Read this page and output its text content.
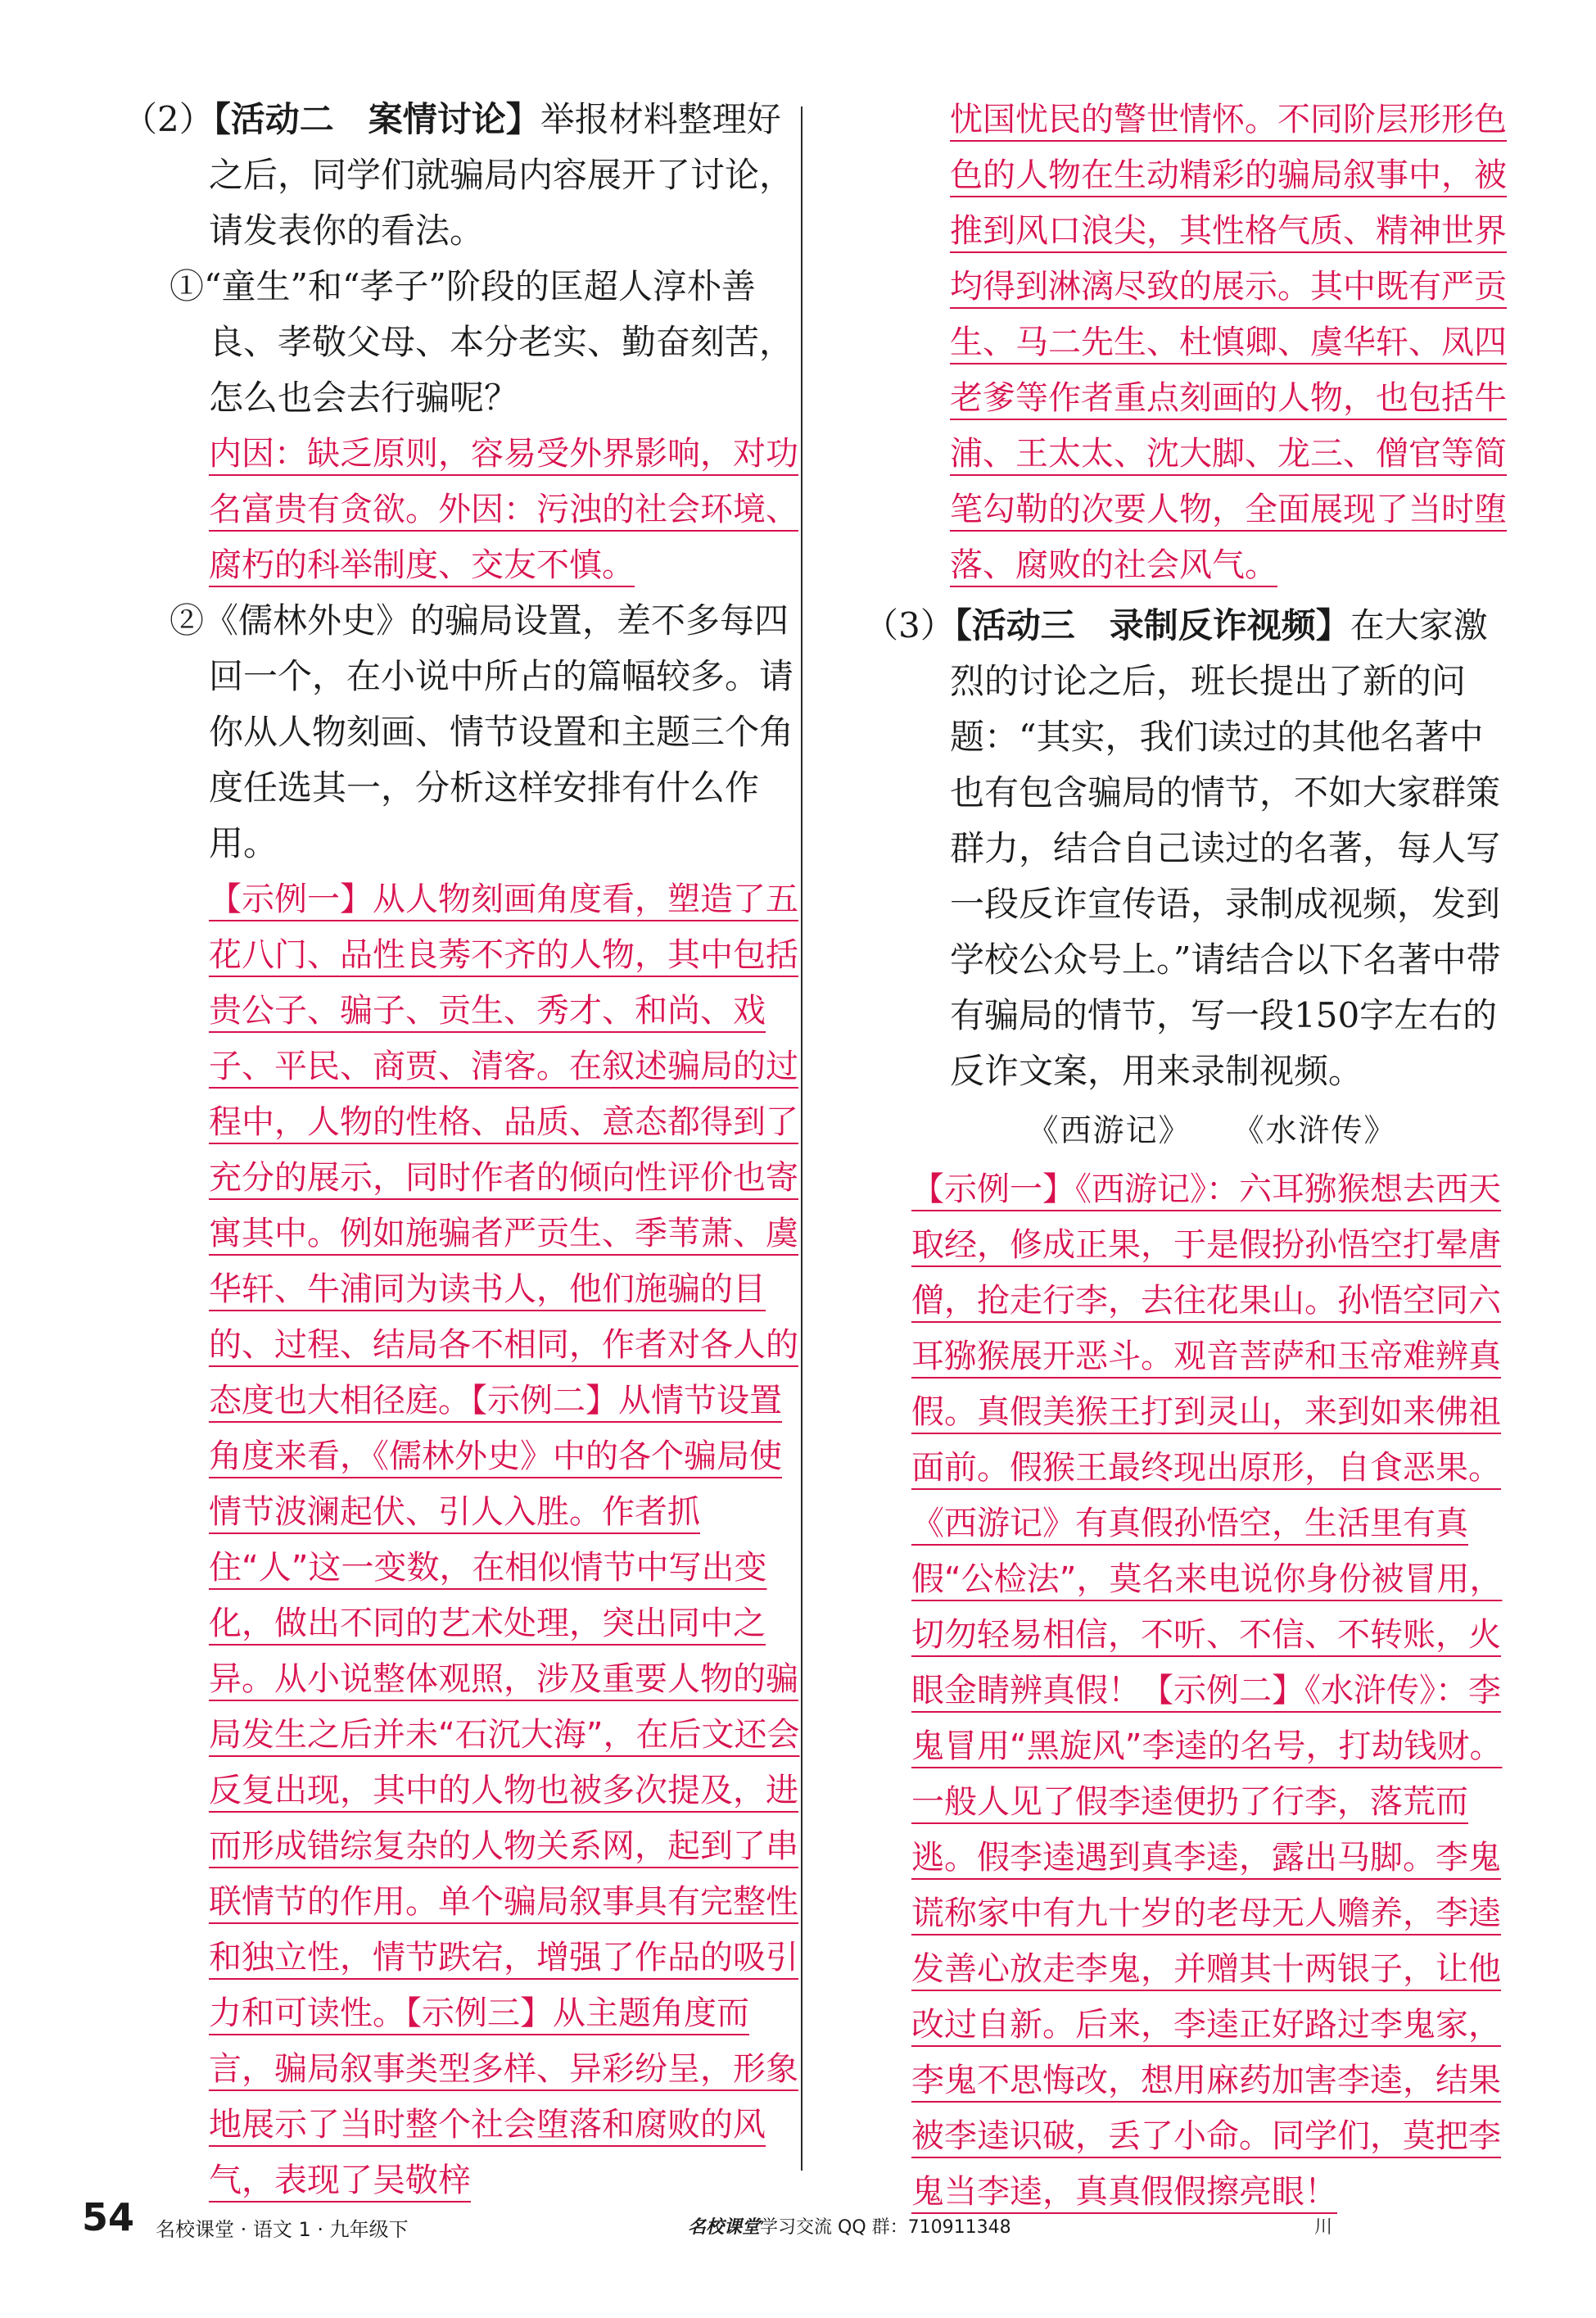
（2）【活动二　案情讨论】举报材料整理好之后，同学们就骗局内容展开了讨论，请发表你的看法。

①“童生”和“孝子”阶段的匡超人淳朴善良、孝敬父母、本分老实、勤奋刻苦，怎么也会去行骗呢？

内因：缺乏原则，容易受外界影响，对功名富贵有贪欲。外因：污浊的社会环境、腐朽的科举制度、交友不慎。

②《儒林外史》的骗局设置，差不多每四回一个，在小说中所占的篇幅较多。请你从人物刻画、情节设置和主题三个角度任选其一，分析这样安排有什么作用。

【示例一】从人物刻画角度看，塑造了五花八门、品性良莠不齐的人物，其中包括贵公子、骗子、贡生、秀才、和尚、戏子、平民、商贾、清客。在叙述骗局的过程中，人物的性格、品质、意态都得到了充分的展示，同时作者的倾向性评价也寄寓其中。例如施骗者严贡生、季苇萧、虞华轩、牛浦同为读书人，他们施骗的目的、过程、结局各不相同，作者对各人的态度也大相径庭。【示例二】从情节设置角度来看，《儒林外史》中的各个骗局使情节波澜起伏、引人入胜。作者抓住“人”这一变数，在相似情节中写出变化，做出不同的艺术处理，突出同中之异。从小说整体观照，涉及重要人物的骗局发生之后并未“石沉大海”，在后文还会反复出现，其中的人物也被多次提及，进而形成错综复杂的人物关系网，起到了串联情节的作用。单个骗局叙事具有完整性和独立性，情节跌宕，增强了作品的吸引力和可读性。【示例三】从主题角度而言，骗局叙事类型多样、异彩纷呈，形象地展示了当时整个社会堕落和腐败的风气，表现了吴敬梓

忧国忧民的警世情怀。不同阶层形形色色的人物在生动精彩的骗局叙事中，被推到风口浪尖，其性格气质、精神世界均得到淋漓尽致的展示。其中既有严贡生、马二先生、杜慎卿、虞华轩、凤四老爹等作者重点刻画的人物，也包括牛浦、王太太、沈大脚、龙三、僧官等简笔勾勒的次要人物，全面展现了当时堕落、腐败的社会风气。

（3）【活动三　录制反诈视频】在大家激烈的讨论之后，班长提出了新的问题：“其实，我们读过的其他名著中也有包含骗局的情节，不如大家群策群力，结合自己读过的名著，每人写一段反诈宣传语，录制成视频，发到学校公众号上。”请结合以下名著中带有骗局的情节，写一段150字左右的反诈文案，用来录制视频。

《西游记》 《水浒传》

【示例一】《西游记》：六耳猕猴想去西天取经，修成正果，于是假扮孙悟空打晕唐僧，抢走行李，去往花果山。孙悟空同六耳猕猴展开恶斗。观音菩萨和玉帝难辨真假。真假美猴王打到灵山，来到如来佛祖面前。假猴王最终现出原形，自食恶果。《西游记》有真假孙悟空，生活里有真假“公检法”，莫名来电说你身份被冒用，切勿轻易相信，不听、不信、不转账，火眼金睛辨真假！【示例二】《水浒传》：李鬼冒用“黑旋风”李逵的名号，打劫钱财。一般人见了假李逵便扔了行李，落荒而逃。假李逵遇到真李逵，露出马脚。李鬼谎称家中有九十岁的老母无人赡养，李逵发善心放走李鬼，并赠其十两银子，让他改过自新。后来，李逵正好路过李鬼家，李鬼不思悔改，想用麻药加害李逵，结果被李逵识破，丢了小命。同学们，莫把李鬼当李逵，真真假假擦亮眼！

54 名校课堂 · 语文 1 · 九年级下	名校课堂学习交流 QQ 群：710911348	川
